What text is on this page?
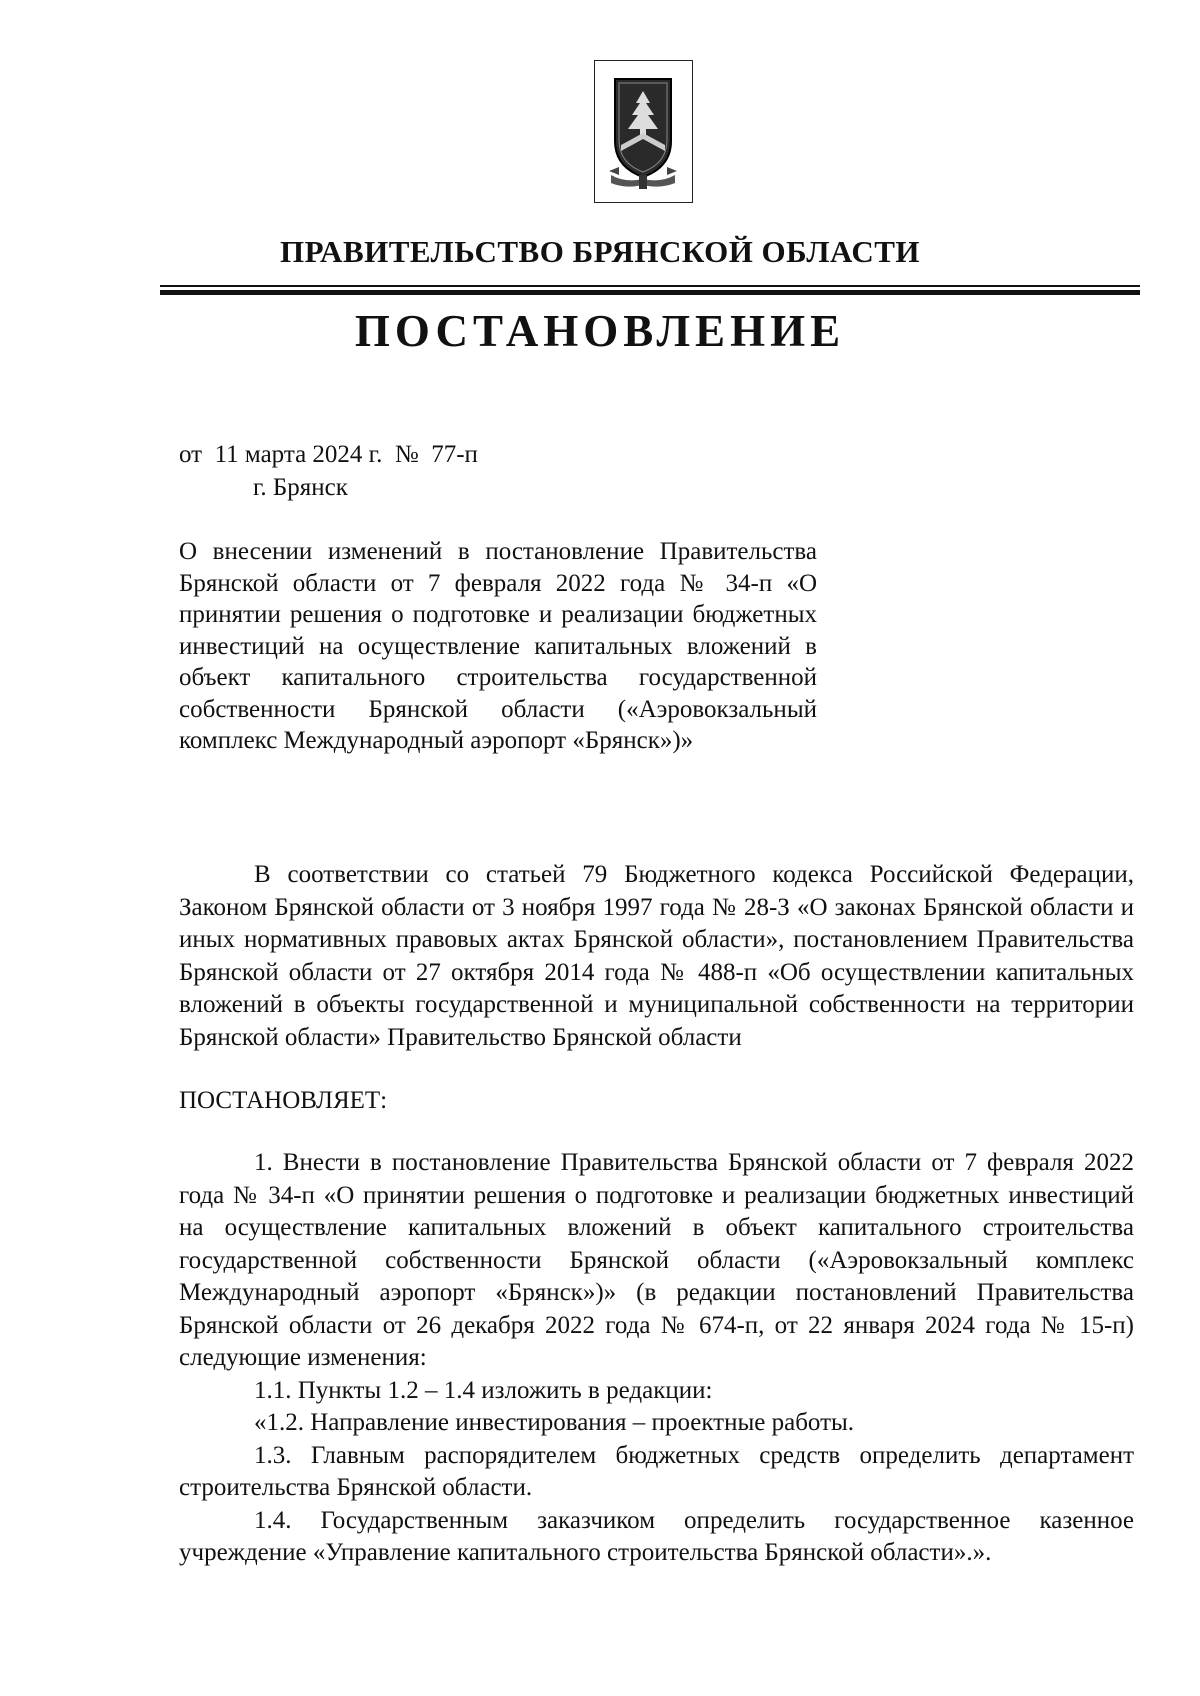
ПРАВИТЕЛЬСТВО БРЯНСКОЙ ОБЛАСТИ
ПОСТАНОВЛЕНИЕ
от  11 марта 2024 г.  №  77-п
г. Брянск
О внесении изменений в постановление Правительства Брянской области от 7 февраля 2022 года № 34-п «О принятии решения о подготовке и реализации бюджетных инвестиций на осуществление капитальных вложений в объект капитального строительства государственной собственности Брянской области («Аэровокзальный комплекс Международный аэропорт «Брянск»)»

В соответствии со статьей 79 Бюджетного кодекса Российской Федерации, Законом Брянской области от 3 ноября 1997 года № 28-З «О законах Брянской области и иных нормативных правовых актах Брянской области», постановлением Правительства Брянской области от 27 октября 2014 года № 488-п «Об осуществлении капитальных вложений в объекты государственной и муниципальной собственности на территории Брянской области» Правительство Брянской области

ПОСТАНОВЛЯЕТ:

1. Внести в постановление Правительства Брянской области от 7 февраля 2022 года № 34-п «О принятии решения о подготовке и реализации бюджетных инвестиций на осуществление капитальных вложений в объект капитального строительства государственной собственности Брянской области («Аэровокзальный комплекс Международный аэропорт «Брянск»)» (в редакции постановлений Правительства Брянской области от 26 декабря 2022 года № 674-п, от 22 января 2024 года № 15-п) следующие изменения:

1.1. Пункты 1.2 – 1.4 изложить в редакции:

«1.2. Направление инвестирования – проектные работы.

1.3. Главным распорядителем бюджетных средств определить департамент строительства Брянской области.

1.4. Государственным заказчиком определить государственное казенное учреждение «Управление капитального строительства Брянской области».».
